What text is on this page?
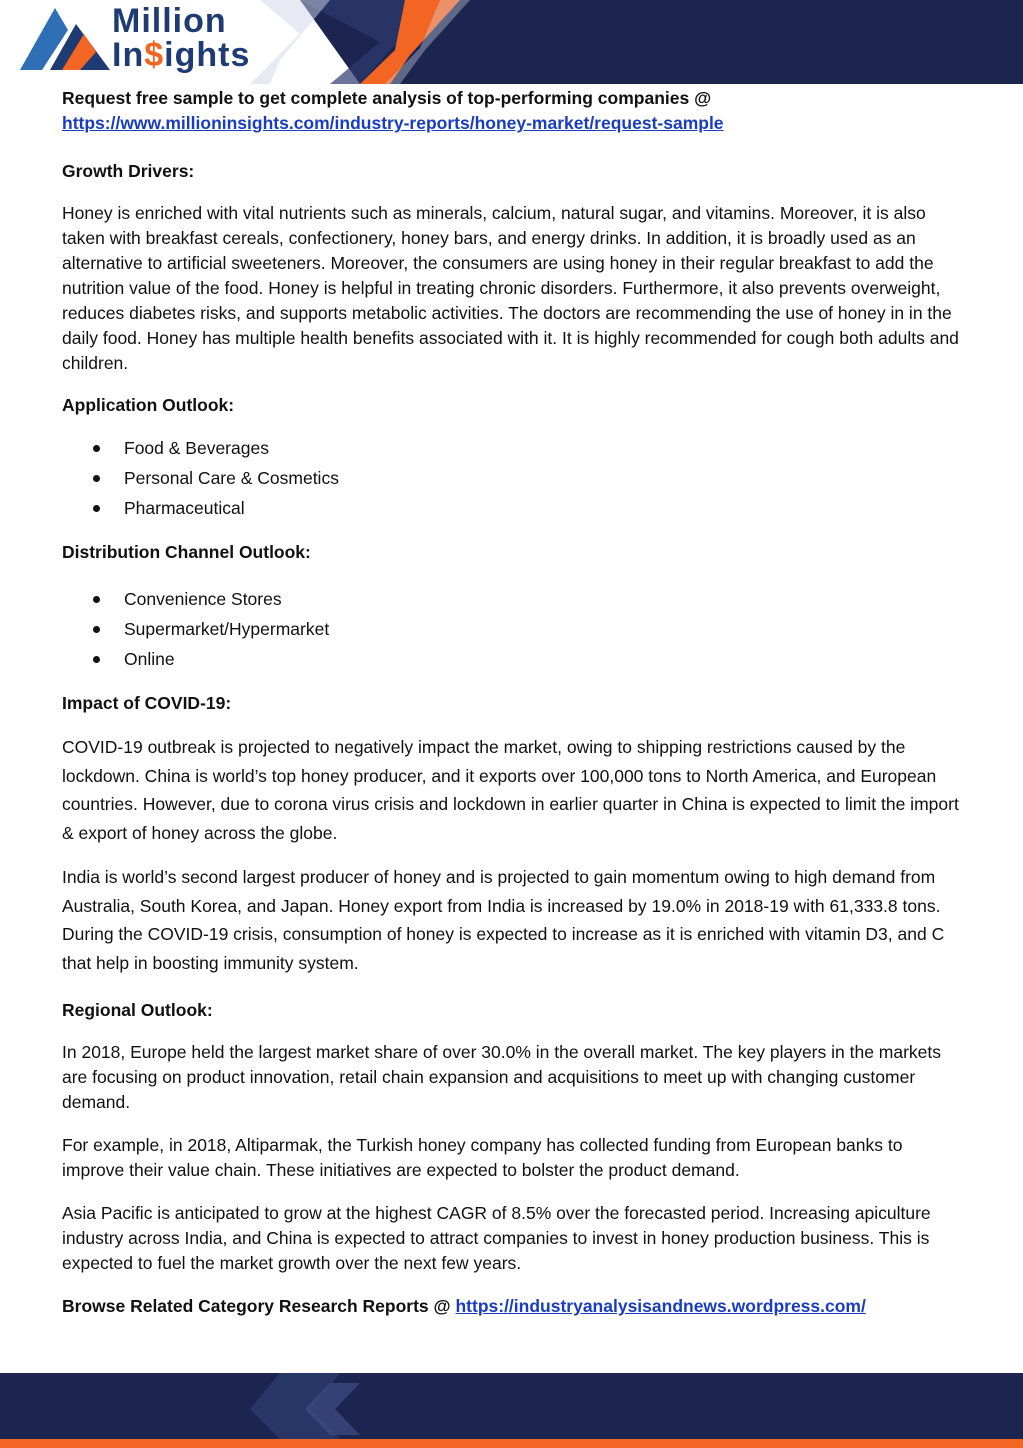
Million
In$ights

Request free sample to get complete analysis of top-performing companies @

https://www.millioninsights.com/industry-reports/honey-market/request-sample

Growth Drivers:

Honey is enriched with vital nutrients such as minerals, calcium, natural sugar, and vitamins. Moreover, it is also taken with breakfast cereals, confectionery, honey bars, and energy drinks. In addition, it is broadly used as an alternative to artificial sweeteners. Moreover, the consumers are using honey in their regular breakfast to add the nutrition value of the food. Honey is helpful in treating chronic disorders. Furthermore, it also prevents overweight, reduces diabetes risks, and supports metabolic activities. The doctors are recommending the use of honey in in the daily food. Honey has multiple health benefits associated with it. It is highly recommended for cough both adults and children.

Application Outlook:

Food & Beverages
Personal Care & Cosmetics
Pharmaceutical

Distribution Channel Outlook:

Convenience Stores
Supermarket/Hypermarket
Online

Impact of COVID-19:

COVID-19 outbreak is projected to negatively impact the market, owing to shipping restrictions caused by the lockdown. China is world’s top honey producer, and it exports over 100,000 tons to North America, and European countries. However, due to corona virus crisis and lockdown in earlier quarter in China is expected to limit the import & export of honey across the globe.

India is world’s second largest producer of honey and is projected to gain momentum owing to high demand from Australia, South Korea, and Japan. Honey export from India is increased by 19.0% in 2018-19 with 61,333.8 tons. During the COVID-19 crisis, consumption of honey is expected to increase as it is enriched with vitamin D3, and C that help in boosting immunity system.

Regional Outlook:

In 2018, Europe held the largest market share of over 30.0% in the overall market. The key players in the markets are focusing on product innovation, retail chain expansion and acquisitions to meet up with changing customer demand.

For example, in 2018, Altiparmak, the Turkish honey company has collected funding from European banks to improve their value chain. These initiatives are expected to bolster the product demand.

Asia Pacific is anticipated to grow at the highest CAGR of 8.5% over the forecasted period. Increasing apiculture industry across India, and China is expected to attract companies to invest in honey production business. This is expected to fuel the market growth over the next few years.

Browse Related Category Research Reports @ https://industryanalysisandnews.wordpress.com/
